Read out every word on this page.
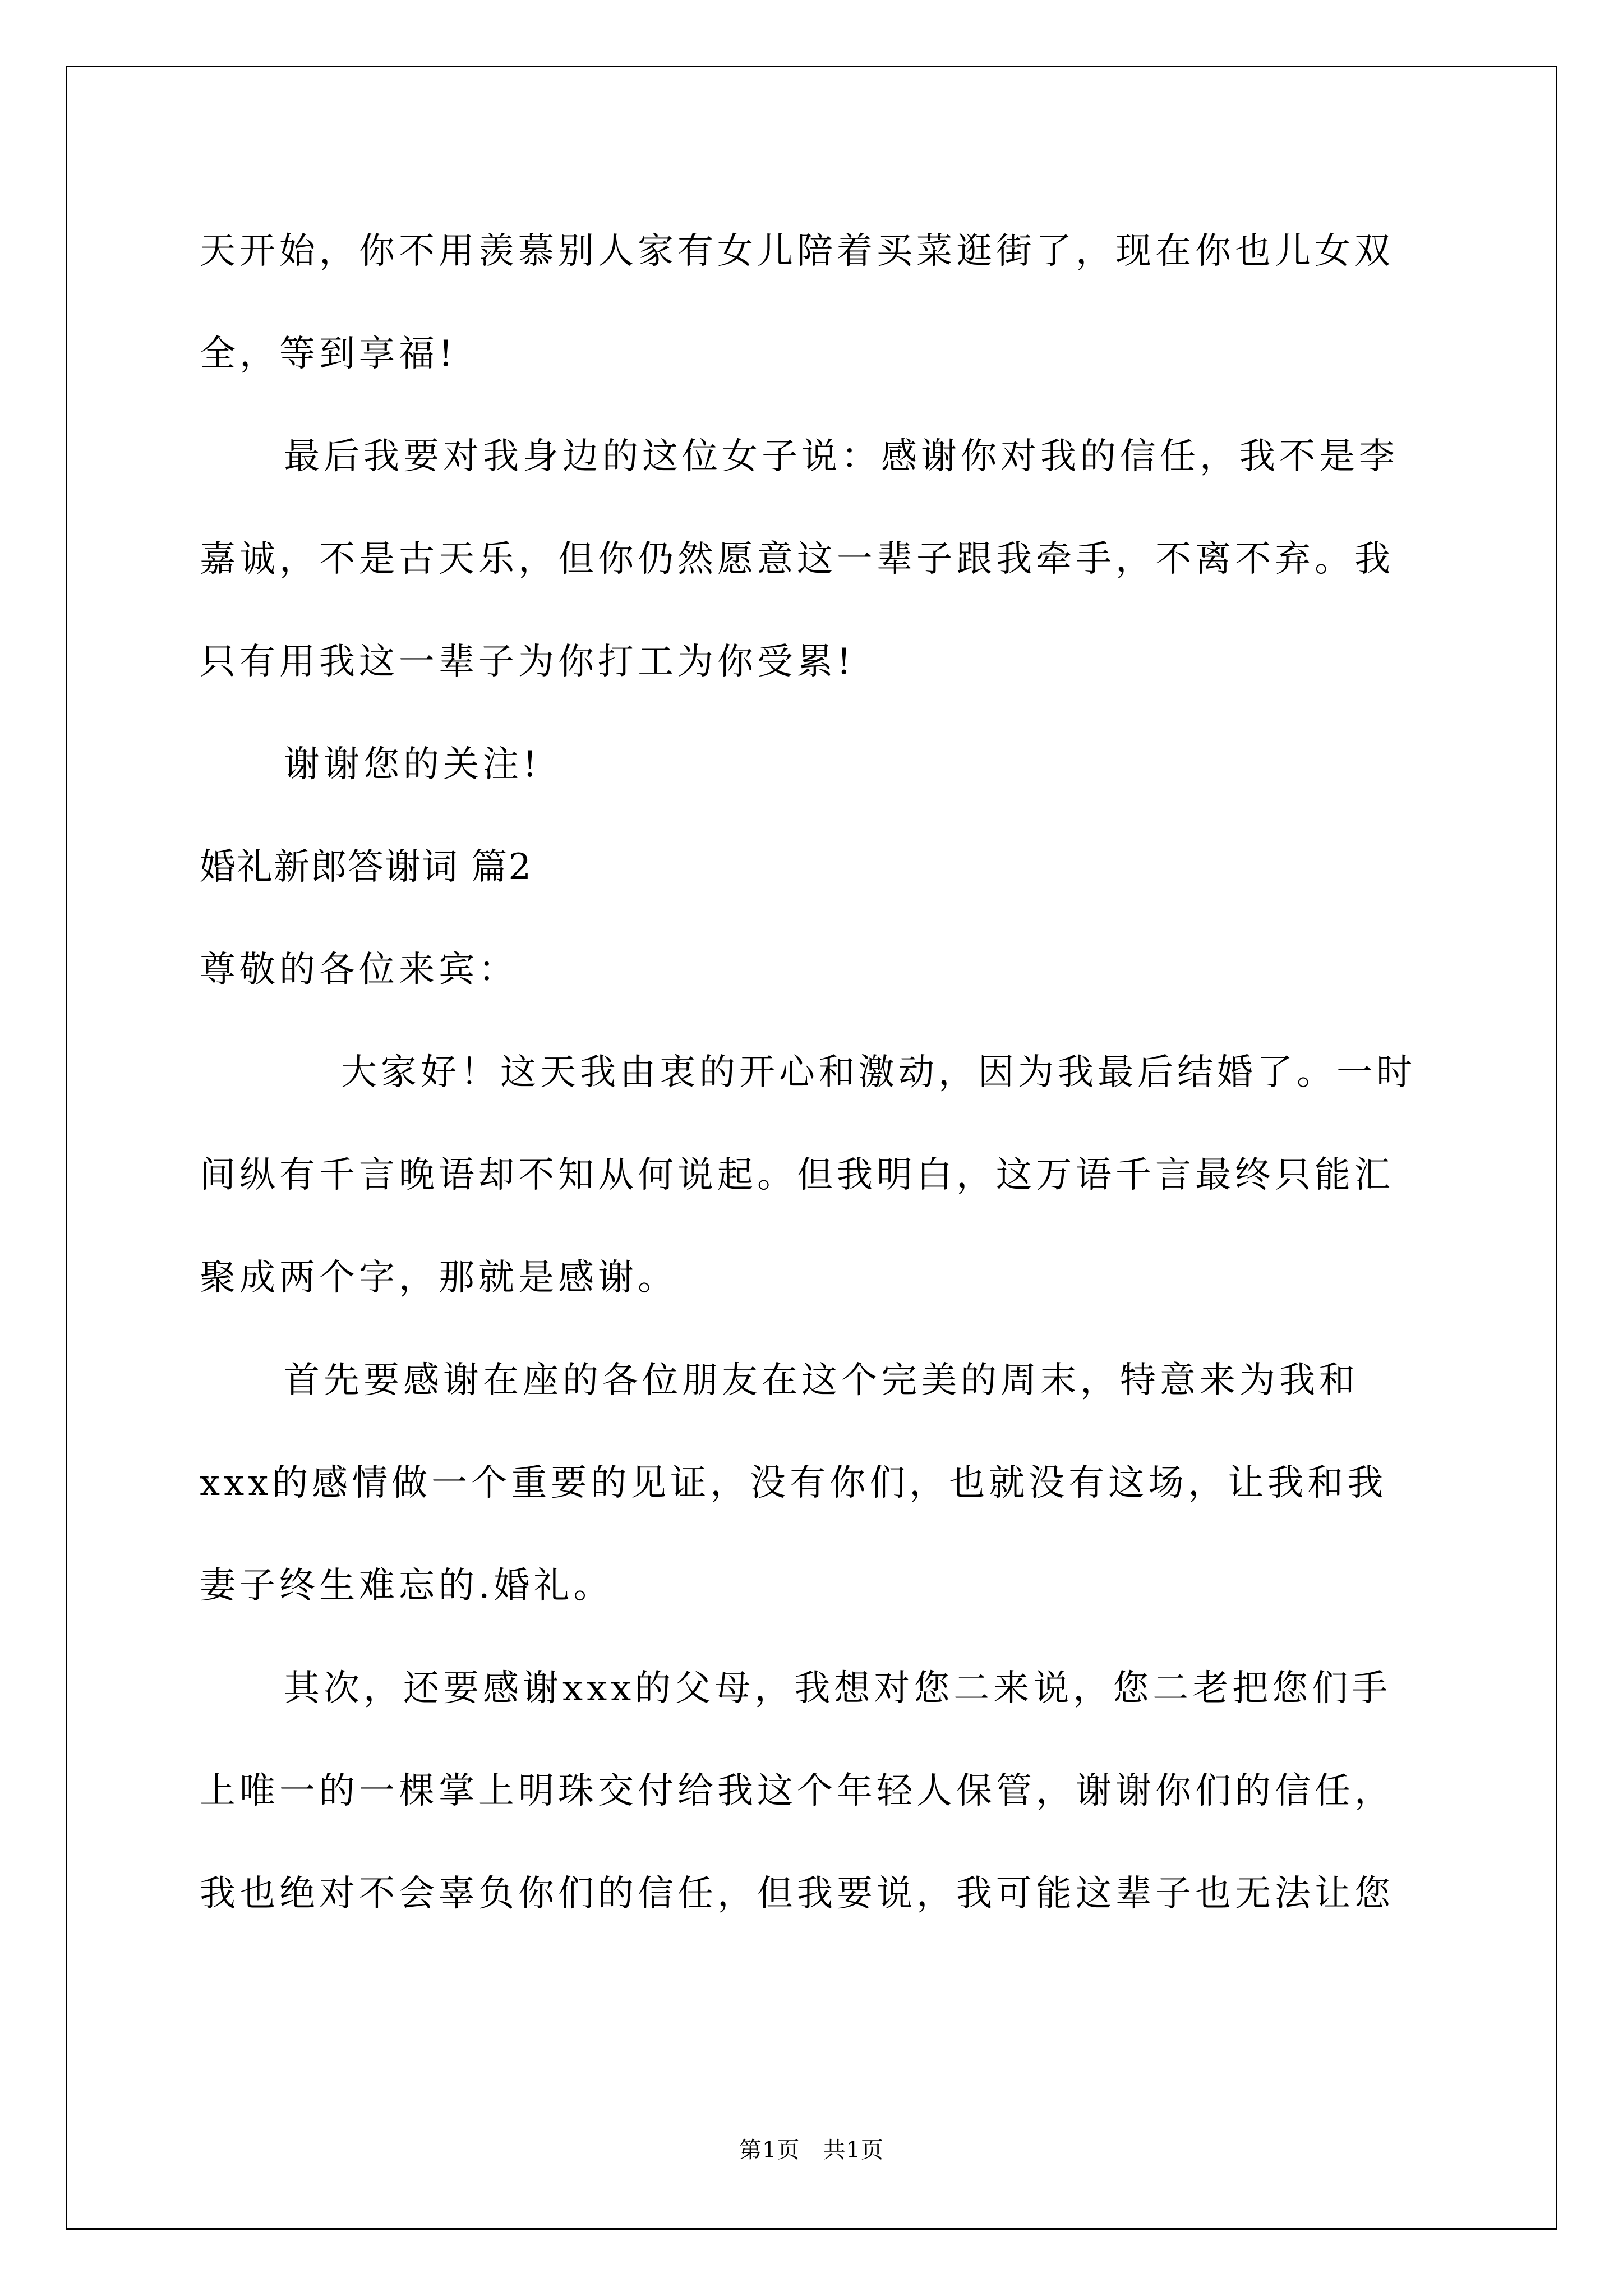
天开始，你不用羡慕别人家有女儿陪着买菜逛街了，现在你也儿女双
全，等到享福!
最后我要对我身边的这位女子说：感谢你对我的信任，我不是李
嘉诚，不是古天乐，但你仍然愿意这一辈子跟我牵手，不离不弃。我
只有用我这一辈子为你打工为你受累!
谢谢您的关注!
婚礼新郎答谢词 篇2
尊敬的各位来宾：
大家好！这天我由衷的开心和激动，因为我最后结婚了。一时
间纵有千言晚语却不知从何说起。但我明白，这万语千言最终只能汇
聚成两个字，那就是感谢。
首先要感谢在座的各位朋友在这个完美的周末，特意来为我和
xxx的感情做一个重要的见证，没有你们，也就没有这场，让我和我
妻子终生难忘的.婚礼。
其次，还要感谢xxx的父母，我想对您二来说，您二老把您们手
上唯一的一棵掌上明珠交付给我这个年轻人保管，谢谢你们的信任，
我也绝对不会辜负你们的信任，但我要说，我可能这辈子也无法让您
第1页　共1页
